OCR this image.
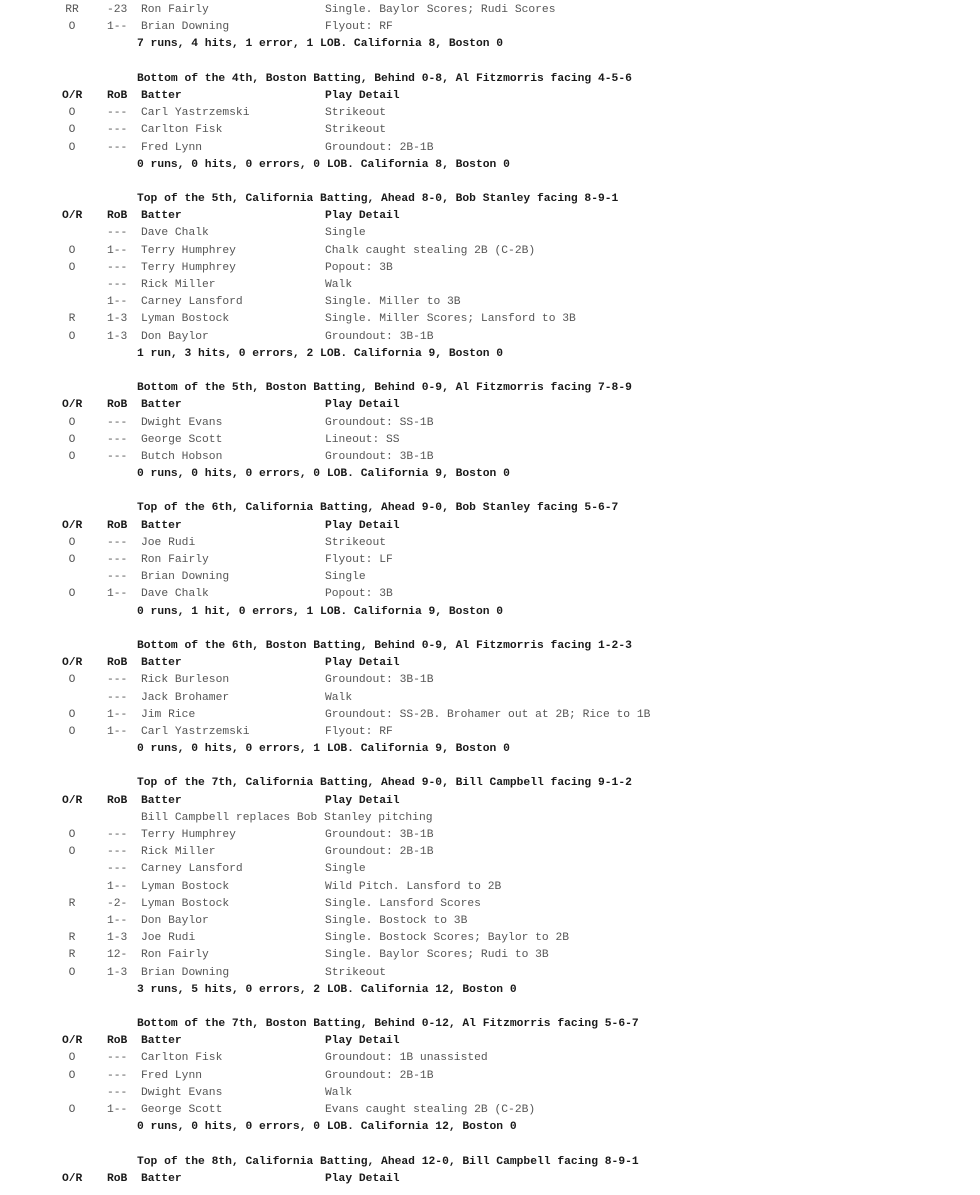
RR -23 Ron Fairly	Single. Baylor Scores; Rudi Scores
O	1-- Brian Downing	Flyout: RF
7 runs, 4 hits, 1 error, 1 LOB. California 8, Boston 0
Bottom of the 4th, Boston Batting, Behind 0-8, Al Fitzmorris facing 4-5-6
O/R RoB Batter	Play Detail
O	--- Carl Yastrzemski	Strikeout
O	--- Carlton Fisk	Strikeout
O	--- Fred Lynn	Groundout: 2B-1B
0 runs, 0 hits, 0 errors, 0 LOB. California 8, Boston 0
Top of the 5th, California Batting, Ahead 8-0, Bob Stanley facing 8-9-1
O/R RoB Batter	Play Detail
--- Dave Chalk	Single
O	1-- Terry Humphrey	Chalk caught stealing 2B (C-2B)
O	--- Terry Humphrey	Popout: 3B
--- Rick Miller	Walk
1-- Carney Lansford	Single. Miller to 3B
R	1-3 Lyman Bostock	Single. Miller Scores; Lansford to 3B
O	1-3 Don Baylor	Groundout: 3B-1B
1 run, 3 hits, 0 errors, 2 LOB. California 9, Boston 0
Bottom of the 5th, Boston Batting, Behind 0-9, Al Fitzmorris facing 7-8-9
O/R RoB Batter	Play Detail
O	--- Dwight Evans	Groundout: SS-1B
O	--- George Scott	Lineout: SS
O	--- Butch Hobson	Groundout: 3B-1B
0 runs, 0 hits, 0 errors, 0 LOB. California 9, Boston 0
Top of the 6th, California Batting, Ahead 9-0, Bob Stanley facing 5-6-7
O/R RoB Batter	Play Detail
O	--- Joe Rudi	Strikeout
O	--- Ron Fairly	Flyout: LF
--- Brian Downing	Single
O	1-- Dave Chalk	Popout: 3B
0 runs, 1 hit, 0 errors, 1 LOB. California 9, Boston 0
Bottom of the 6th, Boston Batting, Behind 0-9, Al Fitzmorris facing 1-2-3
O/R RoB Batter	Play Detail
O	--- Rick Burleson	Groundout: 3B-1B
--- Jack Brohamer	Walk
O	1-- Jim Rice	Groundout: SS-2B. Brohamer out at 2B; Rice to 1B
O	1-- Carl Yastrzemski	Flyout: RF
0 runs, 0 hits, 0 errors, 1 LOB. California 9, Boston 0
Top of the 7th, California Batting, Ahead 9-0, Bill Campbell facing 9-1-2
O/R RoB Batter	Play Detail
Bill Campbell replaces Bob Stanley pitching
O	--- Terry Humphrey	Groundout: 3B-1B
O	--- Rick Miller	Groundout: 2B-1B
--- Carney Lansford	Single
1-- Lyman Bostock	Wild Pitch. Lansford to 2B
R	-2- Lyman Bostock	Single. Lansford Scores
1-- Don Baylor	Single. Bostock to 3B
R	1-3 Joe Rudi	Single. Bostock Scores; Baylor to 2B
R	12- Ron Fairly	Single. Baylor Scores; Rudi to 3B
O	1-3 Brian Downing	Strikeout
3 runs, 5 hits, 0 errors, 2 LOB. California 12, Boston 0
Bottom of the 7th, Boston Batting, Behind 0-12, Al Fitzmorris facing 5-6-7
O/R RoB Batter	Play Detail
O	--- Carlton Fisk	Groundout: 1B unassisted
O	--- Fred Lynn	Groundout: 2B-1B
--- Dwight Evans	Walk
O	1-- George Scott	Evans caught stealing 2B (C-2B)
0 runs, 0 hits, 0 errors, 0 LOB. California 12, Boston 0
Top of the 8th, California Batting, Ahead 12-0, Bill Campbell facing 8-9-1
O/R RoB Batter	Play Detail
